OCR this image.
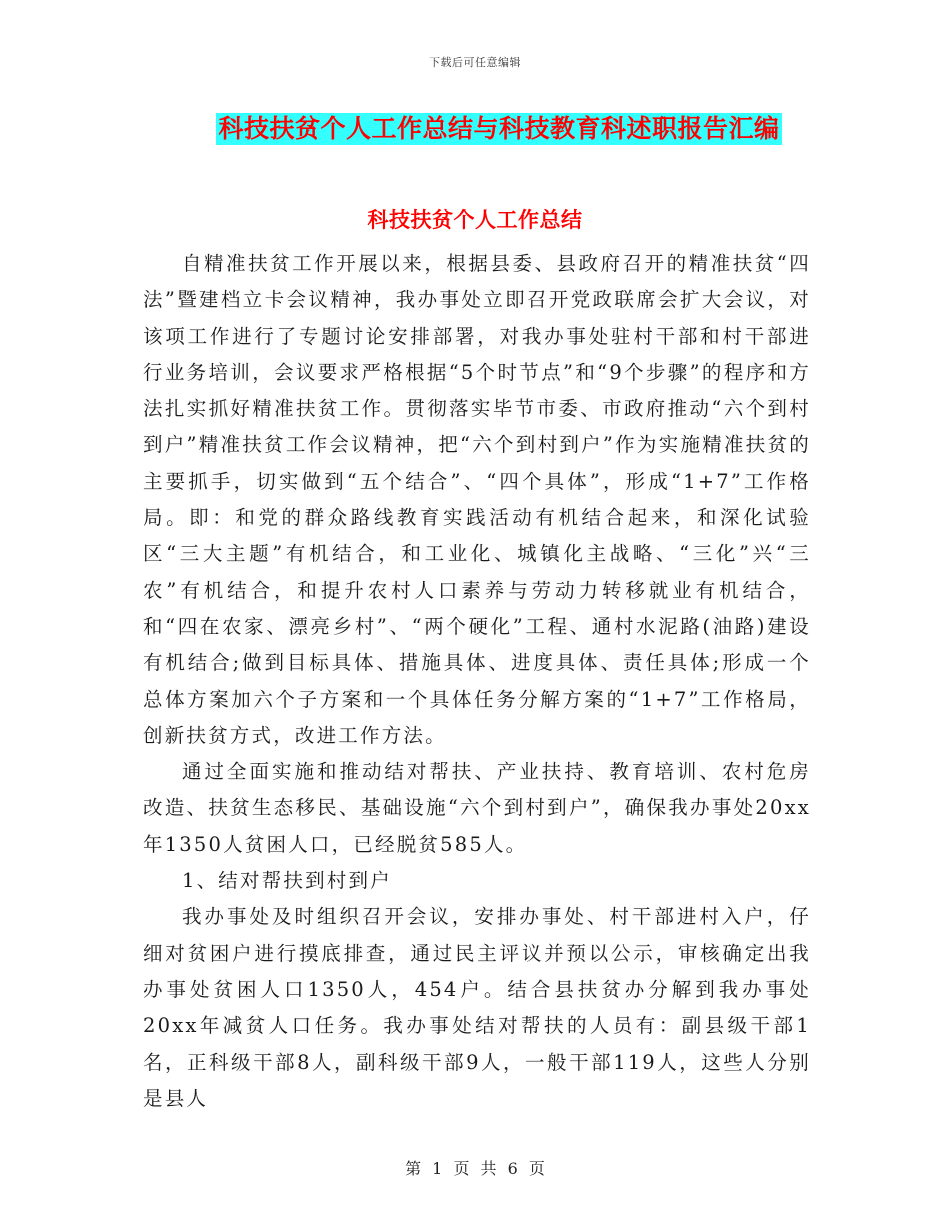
下载后可任意编辑
科技扶贫个人工作总结与科技教育科述职报告汇编
科技扶贫个人工作总结

自精准扶贫工作开展以来，根据县委、县政府召开的精准扶贫“四法”暨建档立卡会议精神，我办事处立即召开党政联席会扩大会议，对该项工作进行了专题讨论安排部署，对我办事处驻村干部和村干部进行业务培训，会议要求严格根据“5个时节点”和“9个步骤”的程序和方法扎实抓好精准扶贫工作。贯彻落实毕节市委、市政府推动“六个到村到户”精准扶贫工作会议精神，把“六个到村到户”作为实施精准扶贫的主要抓手，切实做到“五个结合”、“四个具体”，形成“1+7”工作格局。即：和党的群众路线教育实践活动有机结合起来，和深化试验区“三大主题”有机结合，和工业化、城镇化主战略、“三化”兴“三农”有机结合，和提升农村人口素养与劳动力转移就业有机结合，和“四在农家、漂亮乡村”、“两个硬化”工程、通村水泥路(油路)建设有机结合;做到目标具体、措施具体、进度具体、责任具体;形成一个总体方案加六个子方案和一个具体任务分解方案的“1+7”工作格局，创新扶贫方式，改进工作方法。

通过全面实施和推动结对帮扶、产业扶持、教育培训、农村危房改造、扶贫生态移民、基础设施“六个到村到户”，确保我办事处20xx年1350人贫困人口，已经脱贫585人。

1、结对帮扶到村到户

我办事处及时组织召开会议，安排办事处、村干部进村入户，仔细对贫困户进行摸底排查，通过民主评议并预以公示，审核确定出我办事处贫困人口1350人，454户。结合县扶贫办分解到我办事处20xx年减贫人口任务。我办事处结对帮扶的人员有：副县级干部1名，正科级干部8人，副科级干部9人，一般干部119人，这些人分别是县人

第 1 页 共 6 页
